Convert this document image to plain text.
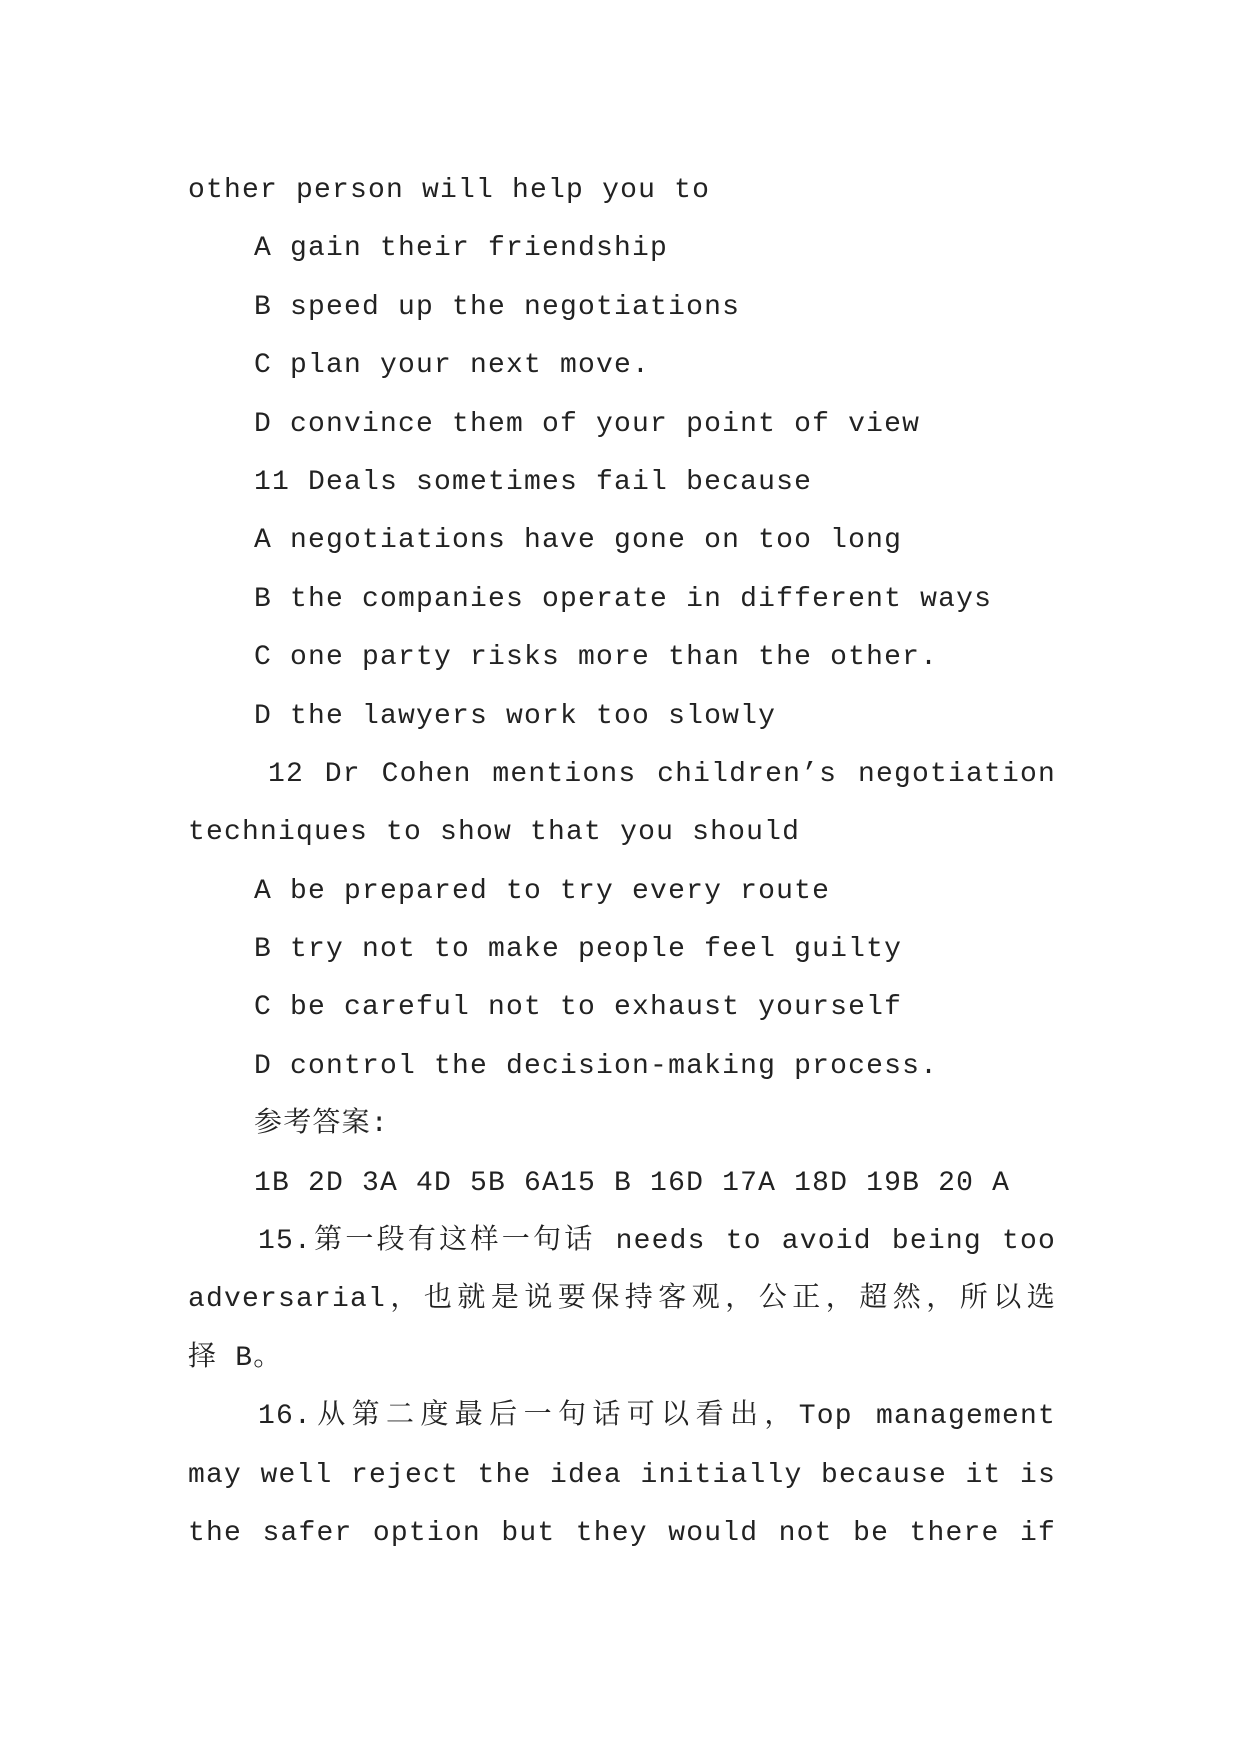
other person will help you to
A gain their friendship
B speed up the negotiations
C plan your next move.
D convince them of your point of view
11 Deals sometimes fail because
A negotiations have gone on too long
B the companies operate in different ways
C one party risks more than the other.
D the lawyers work too slowly
12 Dr Cohen mentions children’s negotiation
techniques to show that you should
A be prepared to try every route
B try not to make people feel guilty
C be careful not to exhaust yourself
D control the decision-making process.
参考答案:
1B 2D 3A 4D 5B 6A15 B 16D 17A 18D 19B 20 A
15.第一段有这样一句话 needs to avoid being too
adversarial，也就是说要保持客观，公正，超然，所以选
择 B。
16.从第二度最后一句话可以看出，Top management
may well reject the idea initially because it is
the safer option but they would not be there if
